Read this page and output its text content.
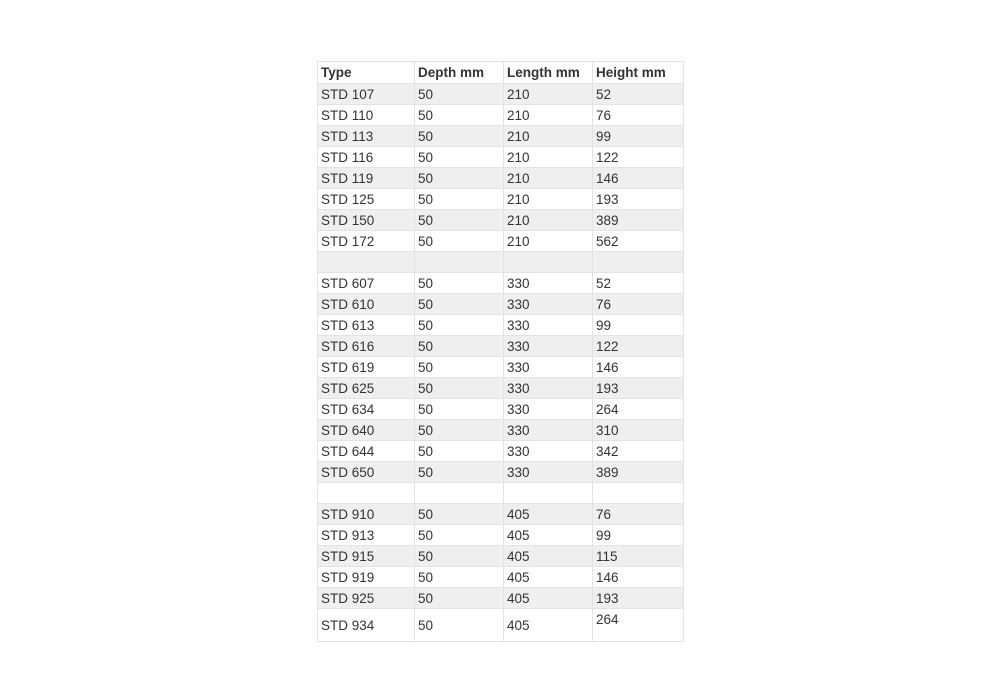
Type	Depth mm	Length mm	Height mm
STD 107	50	210	52
STD 110	50	210	76
STD 113	50	210	99
STD 116	50	210	122
STD 119	50	210	146
STD 125	50	210	193
STD 150	50	210	389
STD 172	50	210	562

STD 607	50	330	52
STD 610	50	330	76
STD 613	50	330	99
STD 616	50	330	122
STD 619	50	330	146
STD 625	50	330	193
STD 634	50	330	264
STD 640	50	330	310
STD 644	50	330	342
STD 650	50	330	389

STD 910	50	405	76
STD 913	50	405	99
STD 915	50	405	115
STD 919	50	405	146
STD 925	50	405	193
STD 934	50	405	264
